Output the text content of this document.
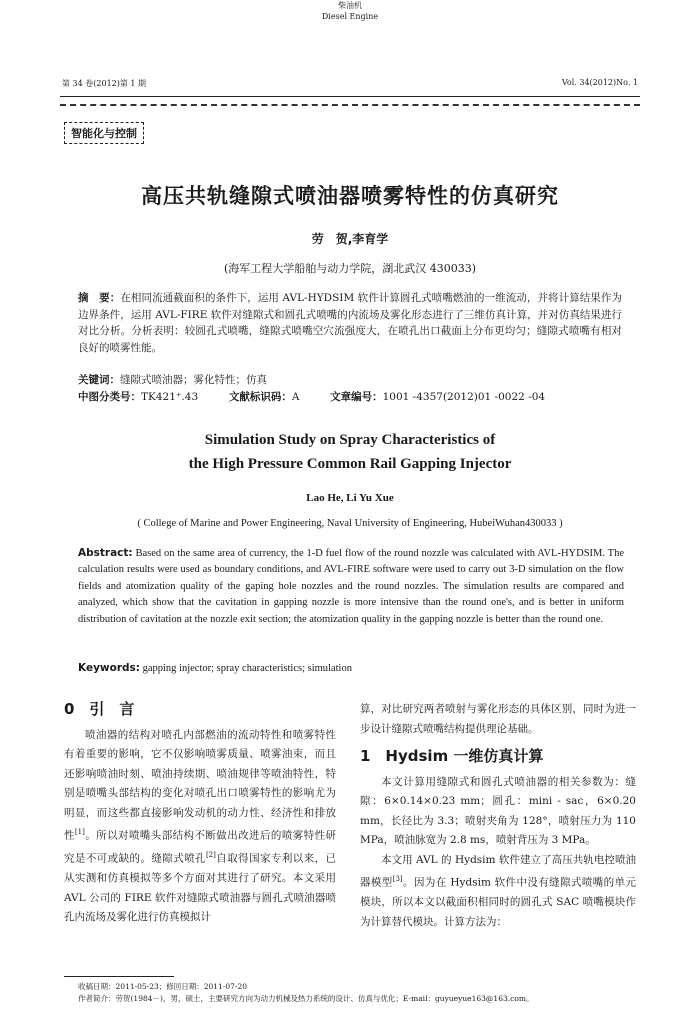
第 34 卷(2012)第 1 期
柴油机
Diesel Engine
Vol. 34(2012)No. 1
智能化与控制
高压共轨缝隙式喷油器喷雾特性的仿真研究
劳　贺,李育学
(海军工程大学船舶与动力学院，湖北武汉 430033)
摘　要：在相同流通截面积的条件下，运用 AVL-HYDSIM 软件计算圆孔式喷嘴燃油的一维流动，并将计算结果作为边界条件，运用 AVL-FIRE 软件对缝隙式和圆孔式喷嘴的内流场及雾化形态进行了三维仿真计算，并对仿真结果进行对比分析。分析表明：较圆孔式喷嘴，缝隙式喷嘴空穴流强度大，在喷孔出口截面上分布更均匀；缝隙式喷嘴有相对良好的喷雾性能。
关键词：缝隙式喷油器；雾化特性；仿真
中图分类号：TK421⁺.43	文献标识码：A	文章编号：1001 -4357(2012)01 -0022 -04
Simulation Study on Spray Characteristics of
the High Pressure Common Rail Gapping Injector
Lao He, Li Yu Xue
( College of Marine and Power Engineering, Naval University of Engineering, HubeiWuhan430033 )
Abstract: Based on the same area of currency, the 1-D fuel flow of the round nozzle was calculated with AVL-HYDSIM. The calculation results were used as boundary conditions, and AVL-FIRE software were used to carry out 3-D simulation on the flow fields and atomization quality of the gaping hole nozzles and the round nozzles. The simulation results are compared and analyzed, which show that the cavitation in gapping nozzle is more intensive than the round one's, and is better in uniform distribution of cavitation at the nozzle exit section; the atomization quality in the gapping nozzle is better than the round one.
Keywords: gapping injector; spray characteristics; simulation
0　引　言

喷油器的结构对喷孔内部燃油的流动特性和喷雾特性有着重要的影响，它不仅影响喷雾质量、喷雾油束，而且还影响喷油时刻、喷油持续期、喷油规律等喷油特性，特别是喷嘴头部结构的变化对喷孔出口喷雾特性的影响尤为明显，而这些都直接影响发动机的动力性、经济性和排放性[1]。所以对喷嘴头部结构不断做出改进后的喷雾特性研究是不可或缺的。缝隙式喷孔[2]自取得国家专利以来，已从实测和仿真模拟等多个方面对其进行了研究。本文采用 AVL 公司的 FIRE 软件对缝隙式喷油器与圆孔式喷油器喷孔内流场及雾化进行仿真模拟计

算，对比研究两者喷射与雾化形态的具体区别，同时为进一步设计缝隙式喷嘴结构提供理论基础。

1　Hydsim 一维仿真计算

本文计算用缝隙式和圆孔式喷油器的相关参数为：缝隙：6×0.14×0.23 mm；圆孔：mini - sac，6×0.20 mm，长径比为 3.3；喷射夹角为 128°，喷射压力为 110 MPa，喷油脉宽为 2.8 ms，喷射背压为 3 MPa。

本文用 AVL 的 Hydsim 软件建立了高压共轨电控喷油器模型[3]。因为在 Hydsim 软件中没有缝隙式喷嘴的单元模块，所以本文以截面积相同时的圆孔式 SAC 喷嘴模块作为计算替代模块。计算方法为：

收稿日期：2011-05-23；修回日期：2011-07-20
作者简介：劳贺(1984－)，男，硕士，主要研究方向为动力机械及热力系统的设计、仿真与优化；E-mail：guyueyue163@163.com。
